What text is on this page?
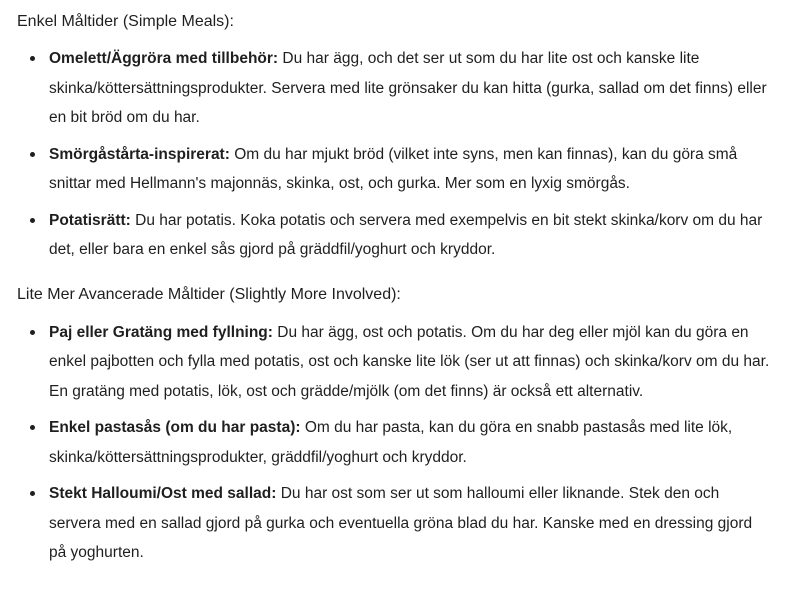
Enkel Måltider (Simple Meals):
Omelett/Äggröra med tillbehör: Du har ägg, och det ser ut som du har lite ost och kanske lite skinka/köttersättningsprodukter. Servera med lite grönsaker du kan hitta (gurka, sallad om det finns) eller en bit bröd om du har.
Smörgåstårta-inspirerat: Om du har mjukt bröd (vilket inte syns, men kan finnas), kan du göra små snittar med Hellmann's majonnäs, skinka, ost, och gurka. Mer som en lyxig smörgås.
Potatisrätt: Du har potatis. Koka potatis och servera med exempelvis en bit stekt skinka/korv om du har det, eller bara en enkel sås gjord på gräddfil/yoghurt och kryddor.
Lite Mer Avancerade Måltider (Slightly More Involved):
Paj eller Gratäng med fyllning: Du har ägg, ost och potatis. Om du har deg eller mjöl kan du göra en enkel pajbotten och fylla med potatis, ost och kanske lite lök (ser ut att finnas) och skinka/korv om du har. En gratäng med potatis, lök, ost och grädde/mjölk (om det finns) är också ett alternativ.
Enkel pastasås (om du har pasta): Om du har pasta, kan du göra en snabb pastasås med lite lök, skinka/köttersättningsprodukter, gräddfil/yoghurt och kryddor.
Stekt Halloumi/Ost med sallad: Du har ost som ser ut som halloumi eller liknande. Stek den och servera med en sallad gjord på gurka och eventuella gröna blad du har. Kanske med en dressing gjord på yoghurten.
